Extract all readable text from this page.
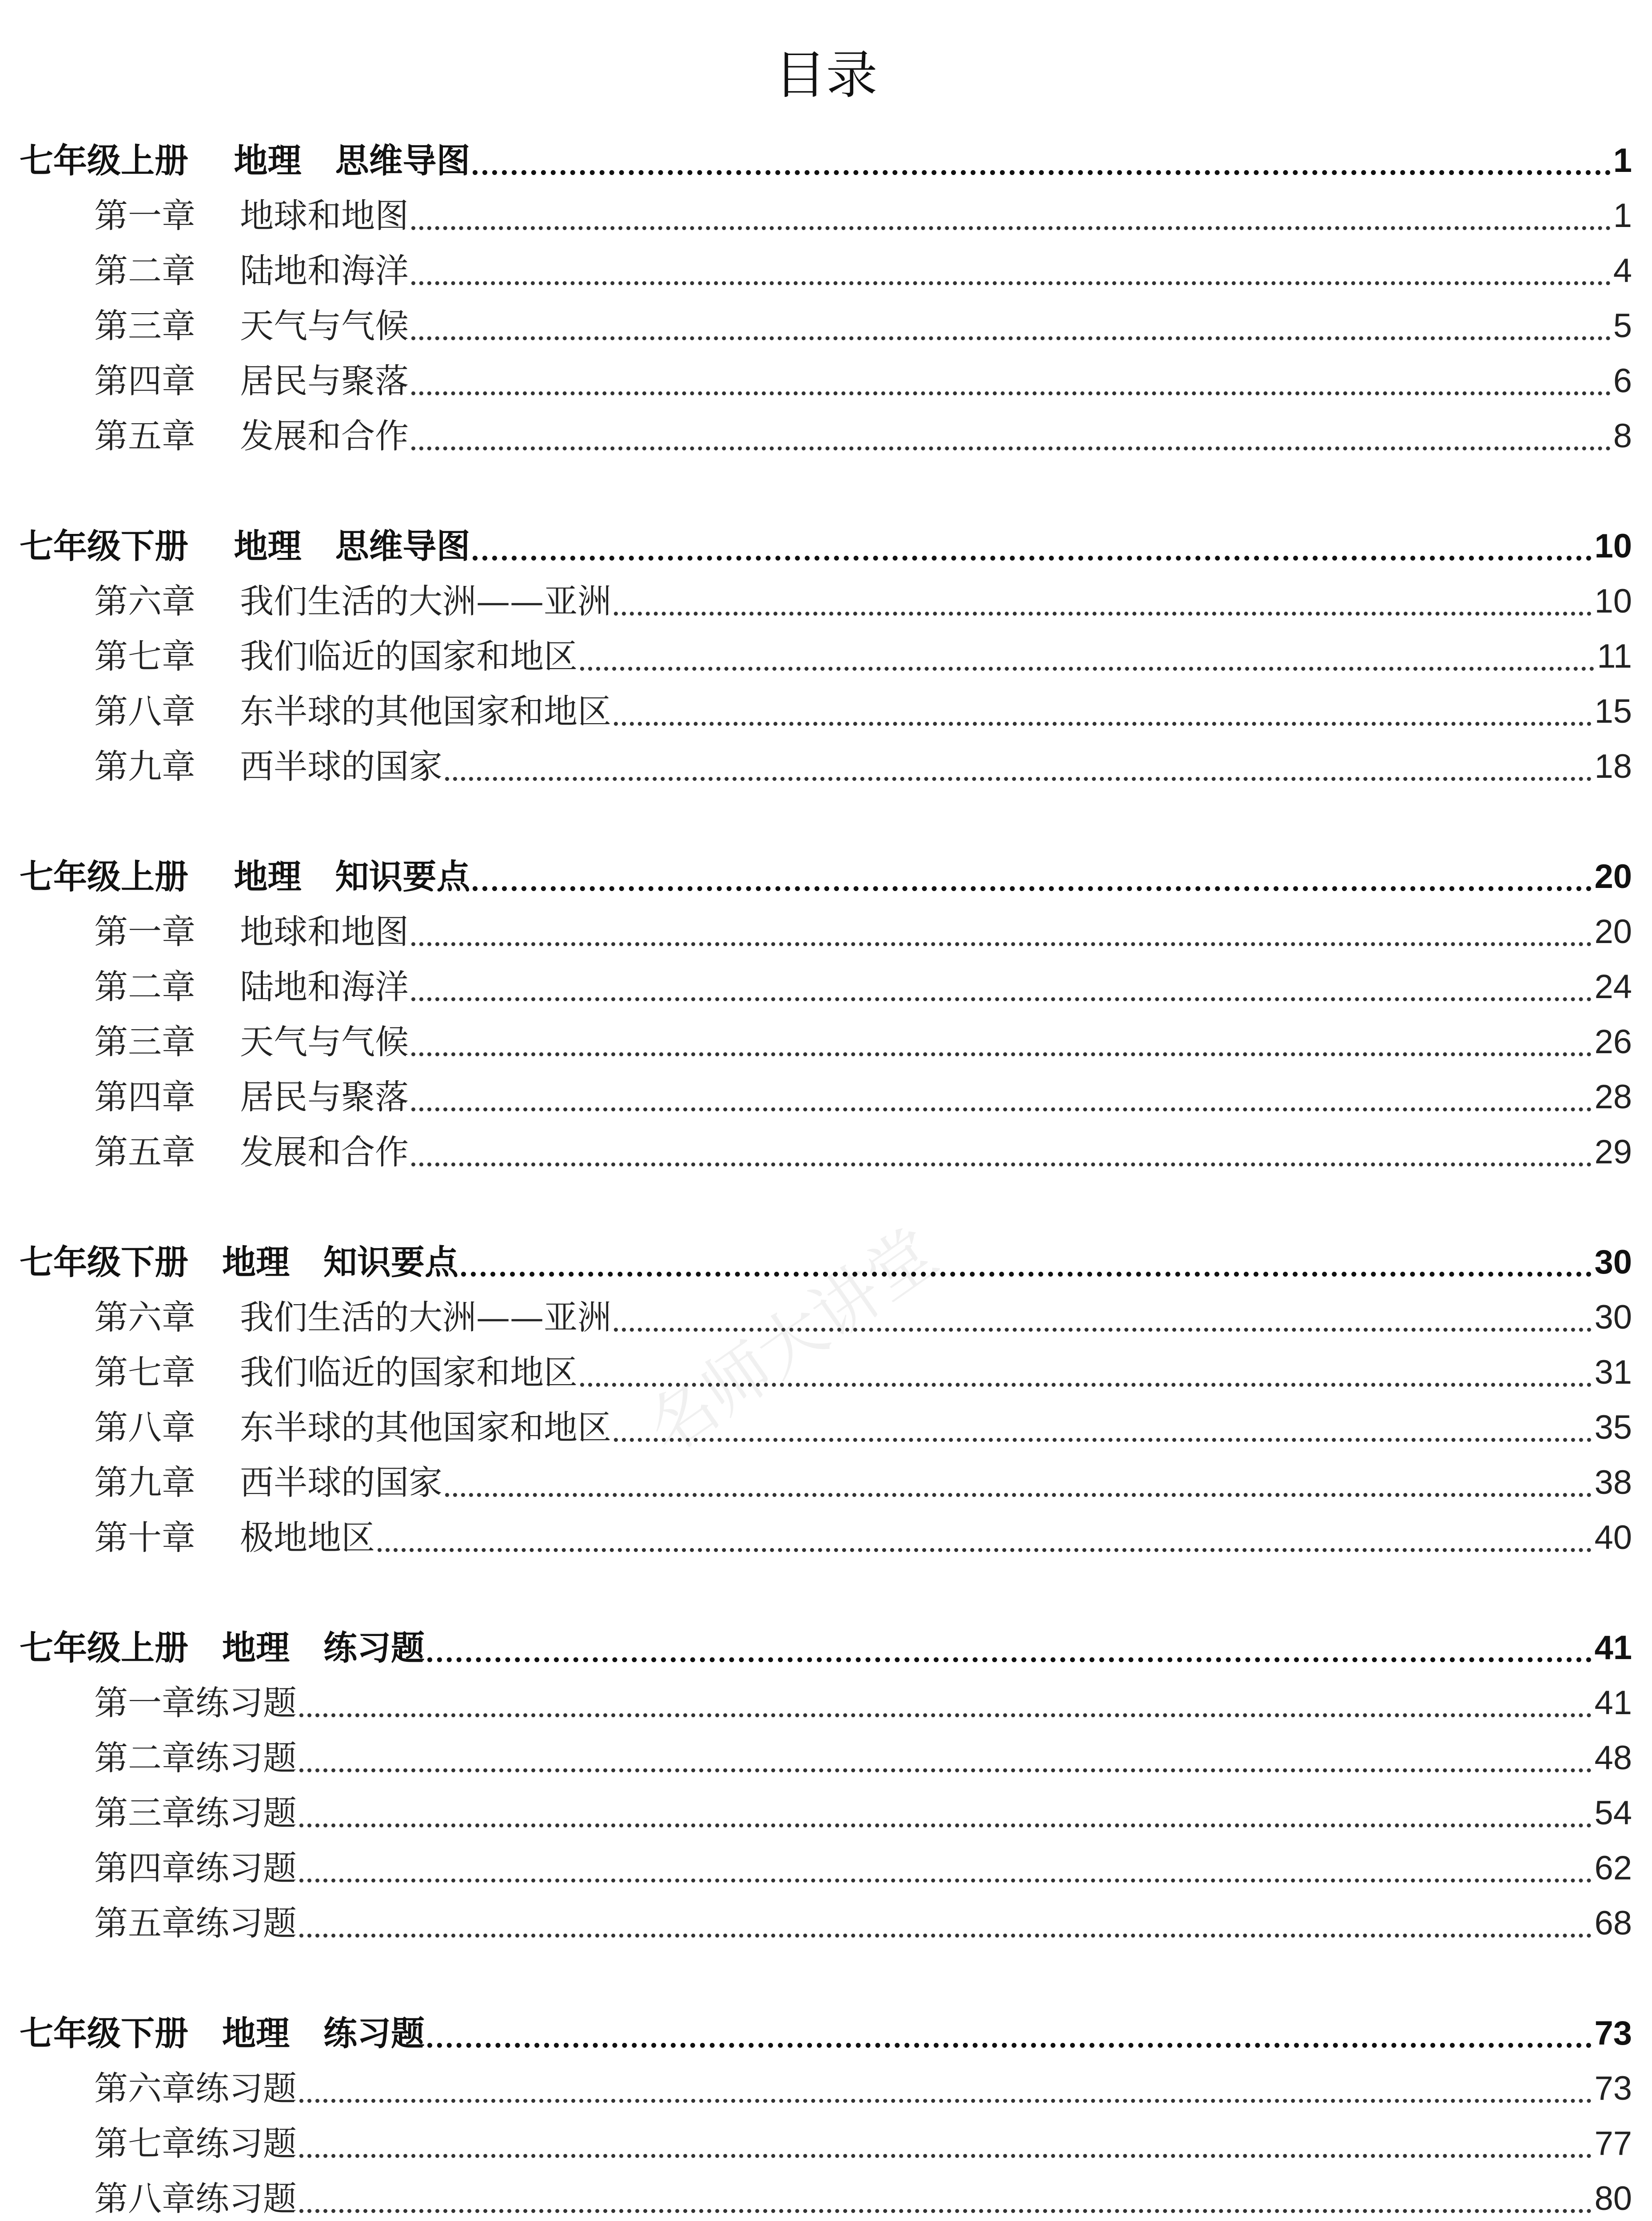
目录
名师大讲堂
七年级上册　 地理　思维导图	1
第一章　 地球和地图	1
第二章　 陆地和海洋	4
第三章　 天气与气候	5
第四章　 居民与聚落	6
第五章　 发展和合作	8
七年级下册　 地理　思维导图	10
第六章　 我们生活的大洲——亚洲	10
第七章　 我们临近的国家和地区	11
第八章　 东半球的其他国家和地区	15
第九章　 西半球的国家	18
七年级上册　 地理　知识要点	20
第一章　 地球和地图	20
第二章　 陆地和海洋	24
第三章　 天气与气候	26
第四章　 居民与聚落	28
第五章　 发展和合作	29
七年级下册　地理　知识要点	30
第六章　 我们生活的大洲——亚洲	30
第七章　 我们临近的国家和地区	31
第八章　 东半球的其他国家和地区	35
第九章　 西半球的国家	38
第十章　 极地地区	40
七年级上册　地理　练习题	41
第一章练习题	41
第二章练习题	48
第三章练习题	54
第四章练习题	62
第五章练习题	68
七年级下册　地理　练习题	73
第六章练习题	73
第七章练习题	77
第八章练习题	80
